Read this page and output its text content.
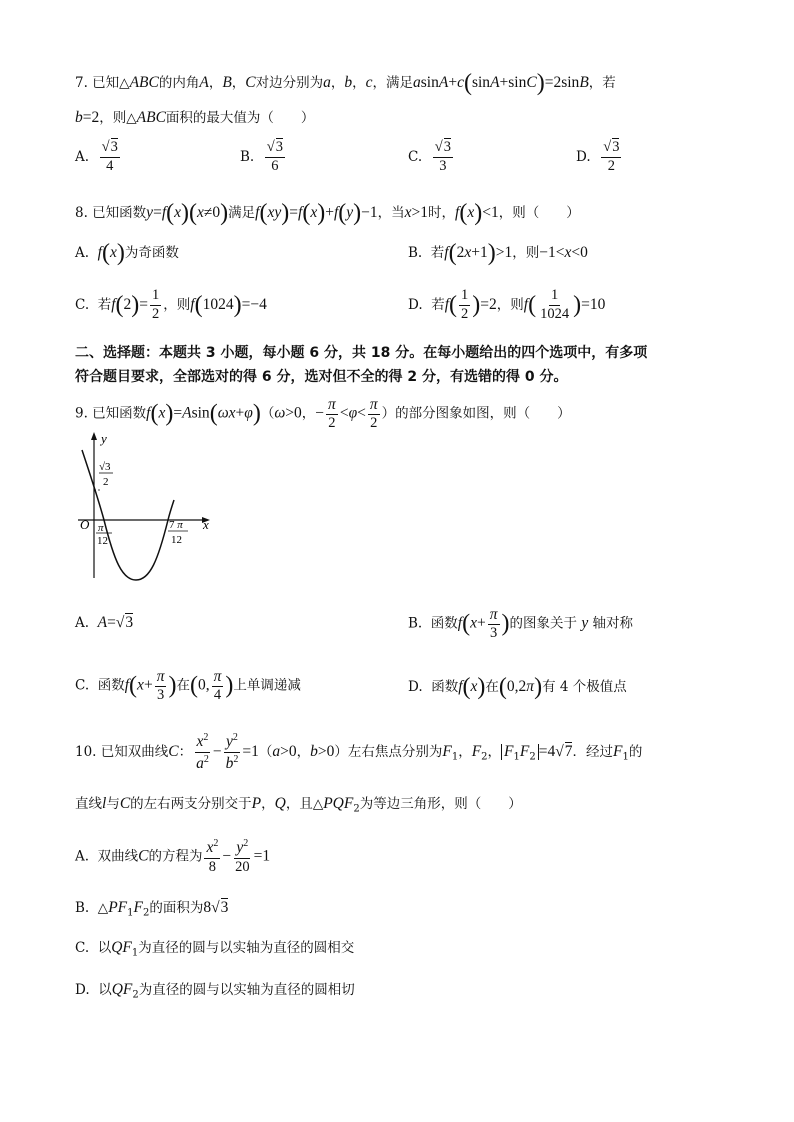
7. 已知△ABC的内角A，B，C对边分别为a，b，c，满足asinA+c(sinA+sinC)=2sinB，若
b=2，则△ABC面积的最大值为（　　）
A. $\frac{√3}{4}$	B. $\frac{√3}{6}$	C. $\frac{√3}{3}$	D. $\frac{√3}{2}$
8. 已知函数y=f(x)(x≠0)满足f(xy)=f(x)+f(y)−1，当x>1时，f(x)<1，则（　　）
A.  f(x)为奇函数	B.  若f(2x+1)>1，则−1<x<0
C.  若$f(2)= \frac{1}{2}$ ，则f(1024)=−4	D.  若$f( \frac{1}{2} )=2$，则$f( \frac{1}{1024} )=10$
二、选择题：本题共 3 小题，每小题 6 分，共 18 分。在每小题给出的四个选项中，有多项
符合题目要求，全部选对的得 6 分，选对但不全的得 2 分，有选错的得 0 分。
9. 已知函数f(x)=Asin(ωx+φ)（ω>0，− $\frac{\pi}{2} <\varphi< \frac{\pi}{2}$ ）的部分图象如图，则（　　）
y
x
O
√3
2
π
12
7 π
12
A.  A=√3	B.  函数$f(x+ \frac{\pi}{3}$ )的图象关于 y 轴对称
C.  函数$f(x+ \frac{\pi}{3}$ )在(0, $\frac{\pi}{4}$ )上单调递减	D.  函数f(x)在(0,2π)有 4 个极值点
10. 已知双曲线C： $\frac{x^2}{a^2} - \frac{y^2}{b^2} =1(a>0$，b>0）左右焦点分别为$F_1$，$F_2$， $F_1F_2 =4√7$．经过$F_1$的
直线l与C的左右两支分别交于P，Q，且$\triangle PQF_2$为等边三角形，则（　　）
A.  双曲线C的方程为 $\frac{x^2}{8} - \frac{y^2}{20} =1$
B.  $\triangle PF_1F_2$的面积为8√3
C.  以$QF_1$为直径的圆与以实轴为直径的圆相交
D.  以$QF_2$为直径的圆与以实轴为直径的圆相切
